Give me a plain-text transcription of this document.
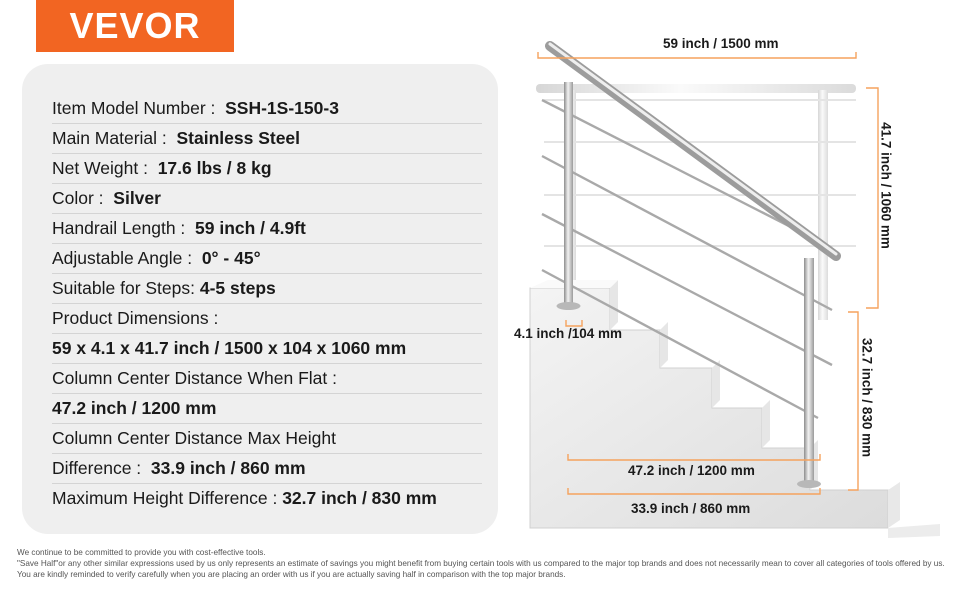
VEVOR
Item Model Number :  SSH-1S-150-3
Main Material :  Stainless Steel
Net Weight :  17.6 lbs / 8 kg
Color :  Silver
Handrail Length :  59 inch / 4.9ft
Adjustable Angle :  0° - 45°
Suitable for Steps: 4-5 steps
Product Dimensions :
59 x 4.1 x 41.7 inch / 1500 x 104 x 1060 mm
Column Center Distance When Flat :
47.2 inch / 1200 mm
Column Center Distance Max Height
Difference :  33.9 inch / 860 mm
Maximum Height Difference : 32.7 inch / 830 mm
59 inch / 1500 mm
41.7 inch / 1060 mm
4.1 inch /104 mm
32.7 inch / 830 mm
47.2 inch / 1200 mm
33.9 inch / 860 mm

We continue to be committed to provide you with cost-effective tools.

"Save Half"or any other similar expressions used by us only represents an estimate of savings you might benefit from buying certain tools with us compared to the major top brands and does not necessarily mean to cover all categories of tools offered by us.

You are kindly reminded to verify carefully when you are placing an order with us if you are actually saving half in comparison with the top major brands.
